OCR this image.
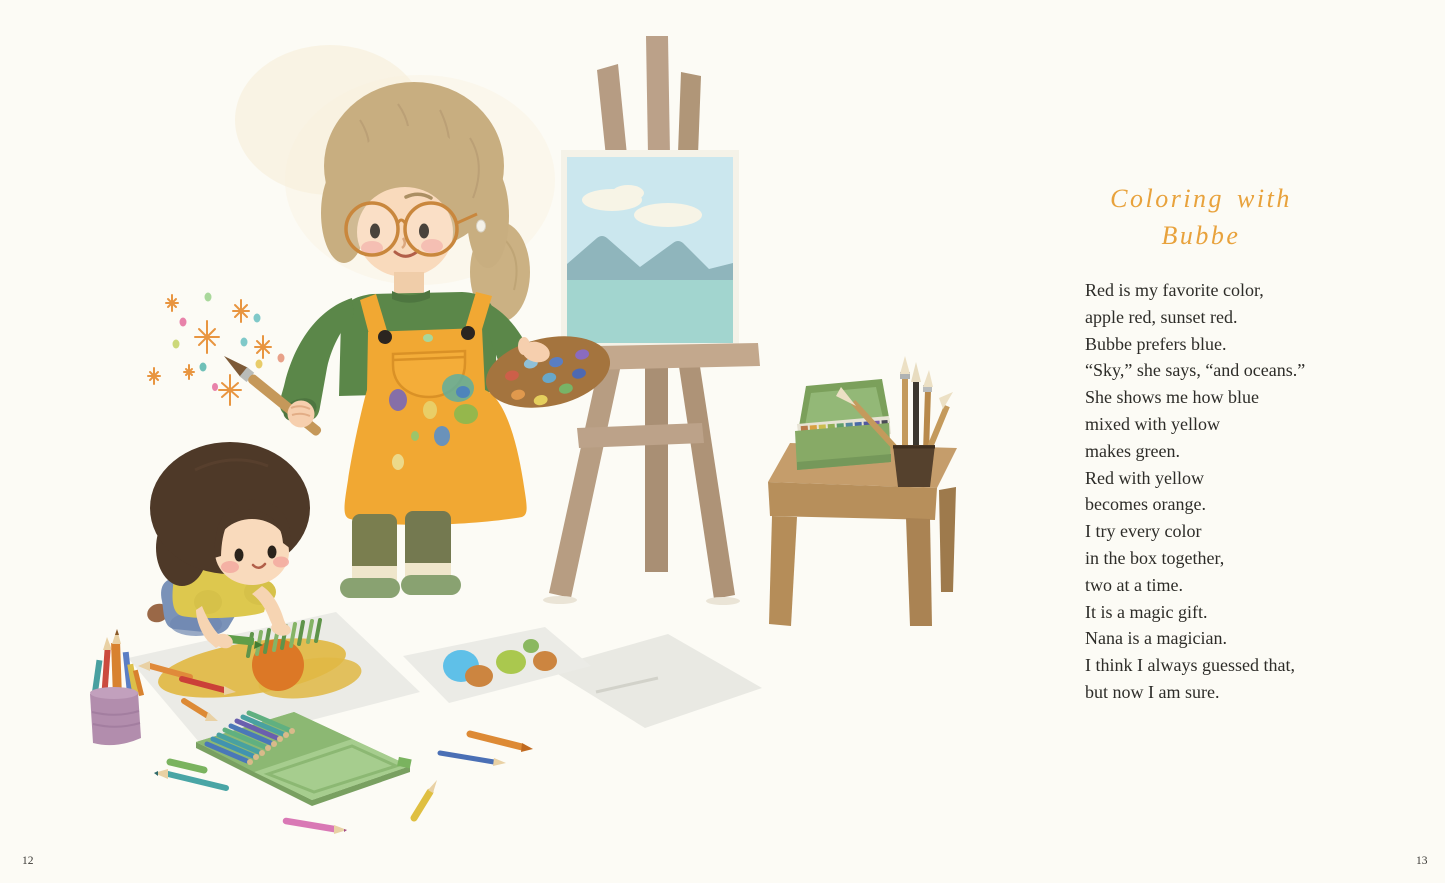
Coloring with
Bubbe
Red is my favorite color,
apple red, sunset red.
Bubbe prefers blue.
“Sky,” she says, “and oceans.”
She shows me how blue
mixed with yellow
makes green.
Red with yellow
becomes orange.
I try every color
in the box together,
two at a time.
It is a magic gift.
Nana is a magician.
I think I always guessed that,
but now I am sure.
12	13
